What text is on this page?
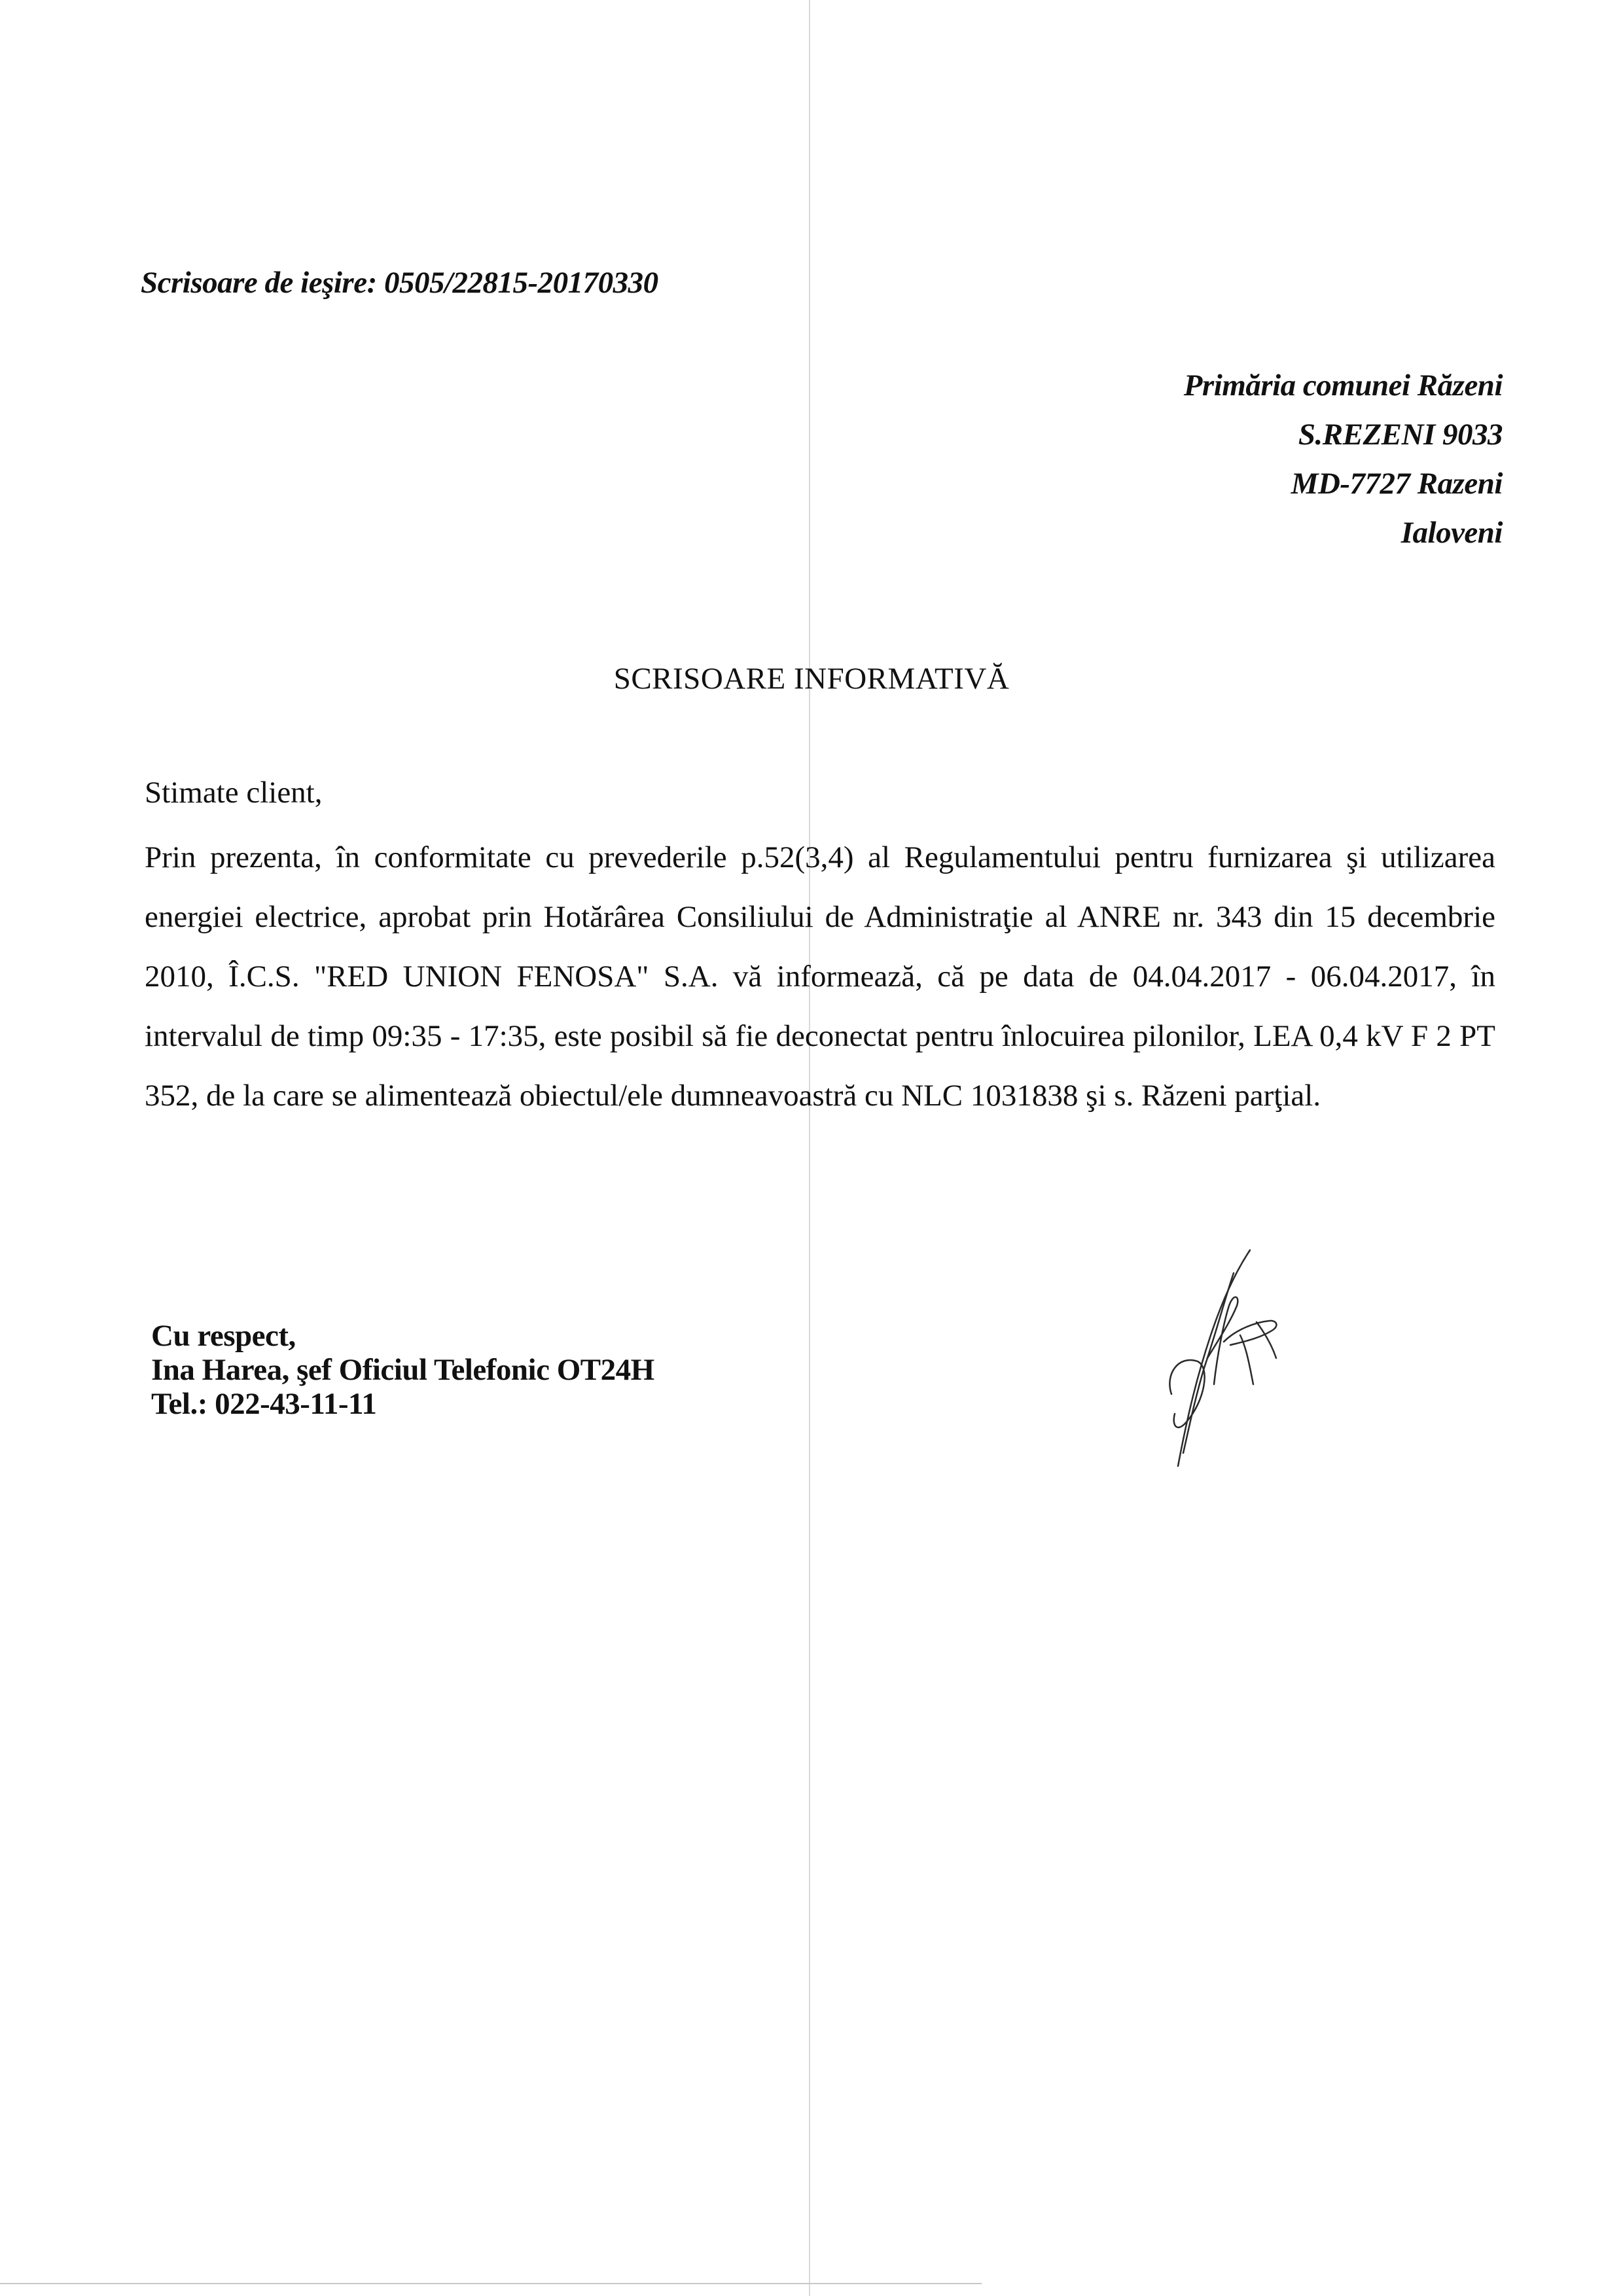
Scrisoare de ieşire: 0505/22815-20170330
Primăria comunei Răzeni
S.REZENI 9033
MD-7727 Razeni
Ialoveni
SCRISOARE INFORMATIVĂ
Stimate client,
Prin prezenta, în conformitate cu prevederile p.52(3,4) al Regulamentului pentru furnizarea şi utilizarea energiei electrice, aprobat prin Hotărârea Consiliului de Administraţie al ANRE nr. 343 din 15 decembrie 2010, Î.C.S. "RED UNION FENOSA" S.A. vă informează, că pe data de 04.04.2017 - 06.04.2017, în intervalul de timp 09:35 - 17:35, este posibil să fie deconectat pentru înlocuirea pilonilor, LEA 0,4 kV F 2 PT 352, de la care se alimentează obiectul/ele dumneavoastră cu NLC 1031838 şi s. Răzeni parţial.
Cu respect,
Ina Harea, şef Oficiul Telefonic OT24H
Tel.: 022-43-11-11
